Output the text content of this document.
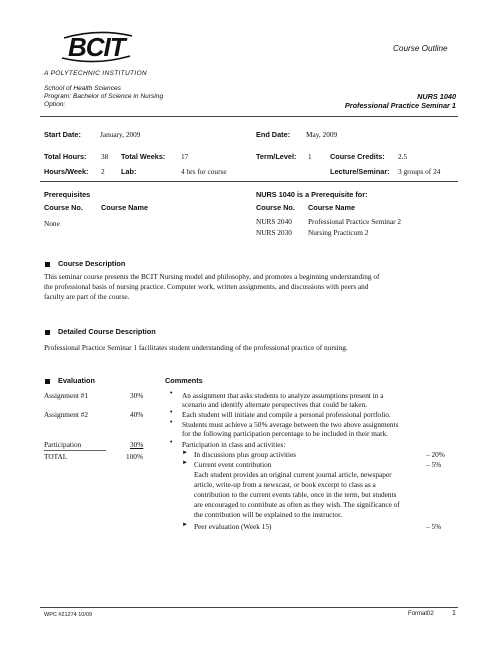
BCIT
A POLYTECHNIC INSTITUTION
Course Outline
School of Health Sciences
Program: Bachelor of Science in Nursing
Option:
NURS 1040
Professional Practice Seminar 1
Start Date:	January, 2009	End Date: May, 2009
Total Hours: 38 Total Weeks: 17	Term/Level: 1	Course Credits: 2.5
Hours/Week: 2 Lab:	4 hrs for course	Lecture/Seminar: 3 groups of 24
Prerequisites
Course No. Course Name
None
NURS 1040 is a Prerequisite for:
Course No. Course Name
NURS 2040 Professional Practice Seminar 2
NURS 2030 Nursing Practicum 2
Course Description
This seminar course presents the BCIT Nursing model and philosophy, and promotes a beginning understanding of
the professional basis of nursing practice. Computer work, written assignments, and discussions with peers and
faculty are part of the course.
Detailed Course Description
Professional Practice Seminar 1 facilitates student understanding of the professional practice of nursing.
Evaluation	Comments
Assignment #1	30%
Assignment #2	40%
Participation	30%
TOTAL	100%
• An assignment that asks students to analyze assumptions present in a
scenario and identify alternate perspectives that could be taken.
• Each student will initiate and compile a personal professional portfolio.
• Students must achieve a 50% average between the two above assignments
for the following participation percentage to be included in their mark.
• Participation in class and activities:
► In discussions plus group activities	– 20%
► Current event contribution	– 5%
Each student provides an original current journal article, newspaper
article, write-up from a newscast, or book excerpt to class as a
contribution to the current events table, once in the term, but students
are encouraged to contribute as often as they wish. The significance of
the contribution will be explained to the instructor.
► Peer evaluation (Week 15)	– 5%
WPC #21274 10/09	Format02	1
